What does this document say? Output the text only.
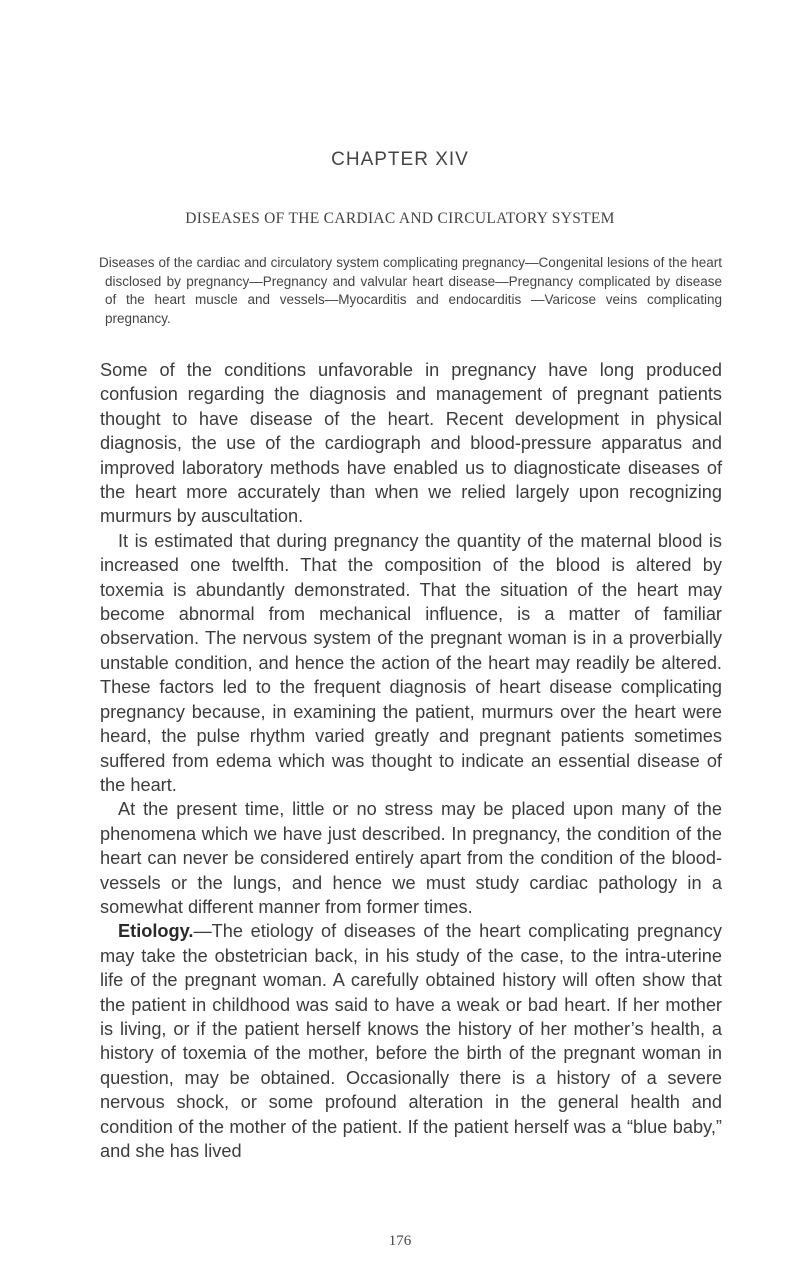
CHAPTER XIV
DISEASES OF THE CARDIAC AND CIRCULATORY SYSTEM
Diseases of the cardiac and circulatory system complicating pregnancy—Congenital lesions of the heart disclosed by pregnancy—Pregnancy and valvular heart disease—Pregnancy complicated by disease of the heart muscle and vessels—Myocarditis and endocarditis —Varicose veins complicating pregnancy.

Some of the conditions unfavorable in pregnancy have long produced confusion regarding the diagnosis and management of pregnant patients thought to have disease of the heart. Recent development in physical diagnosis, the use of the cardiograph and blood-pressure apparatus and improved laboratory methods have enabled us to diagnosticate diseases of the heart more accurately than when we relied largely upon recognizing murmurs by auscultation.

It is estimated that during pregnancy the quantity of the maternal blood is increased one twelfth. That the composition of the blood is altered by toxemia is abundantly demonstrated. That the situation of the heart may become abnormal from mechanical influence, is a matter of familiar observation. The nervous system of the pregnant woman is in a proverbially unstable condition, and hence the action of the heart may readily be altered. These factors led to the frequent diagnosis of heart disease complicating pregnancy because, in examining the patient, murmurs over the heart were heard, the pulse rhythm varied greatly and pregnant patients sometimes suffered from edema which was thought to indicate an essential disease of the heart.

At the present time, little or no stress may be placed upon many of the phenomena which we have just described. In pregnancy, the condition of the heart can never be considered entirely apart from the condition of the blood-vessels or the lungs, and hence we must study cardiac pathology in a somewhat different manner from former times.

Etiology.—The etiology of diseases of the heart complicating pregnancy may take the obstetrician back, in his study of the case, to the intra-uterine life of the pregnant woman. A carefully obtained history will often show that the patient in childhood was said to have a weak or bad heart. If her mother is living, or if the patient herself knows the history of her mother’s health, a history of toxemia of the mother, before the birth of the pregnant woman in question, may be obtained. Occasionally there is a history of a severe nervous shock, or some profound alteration in the general health and condition of the mother of the patient. If the patient herself was a “blue baby,” and she has lived

176
